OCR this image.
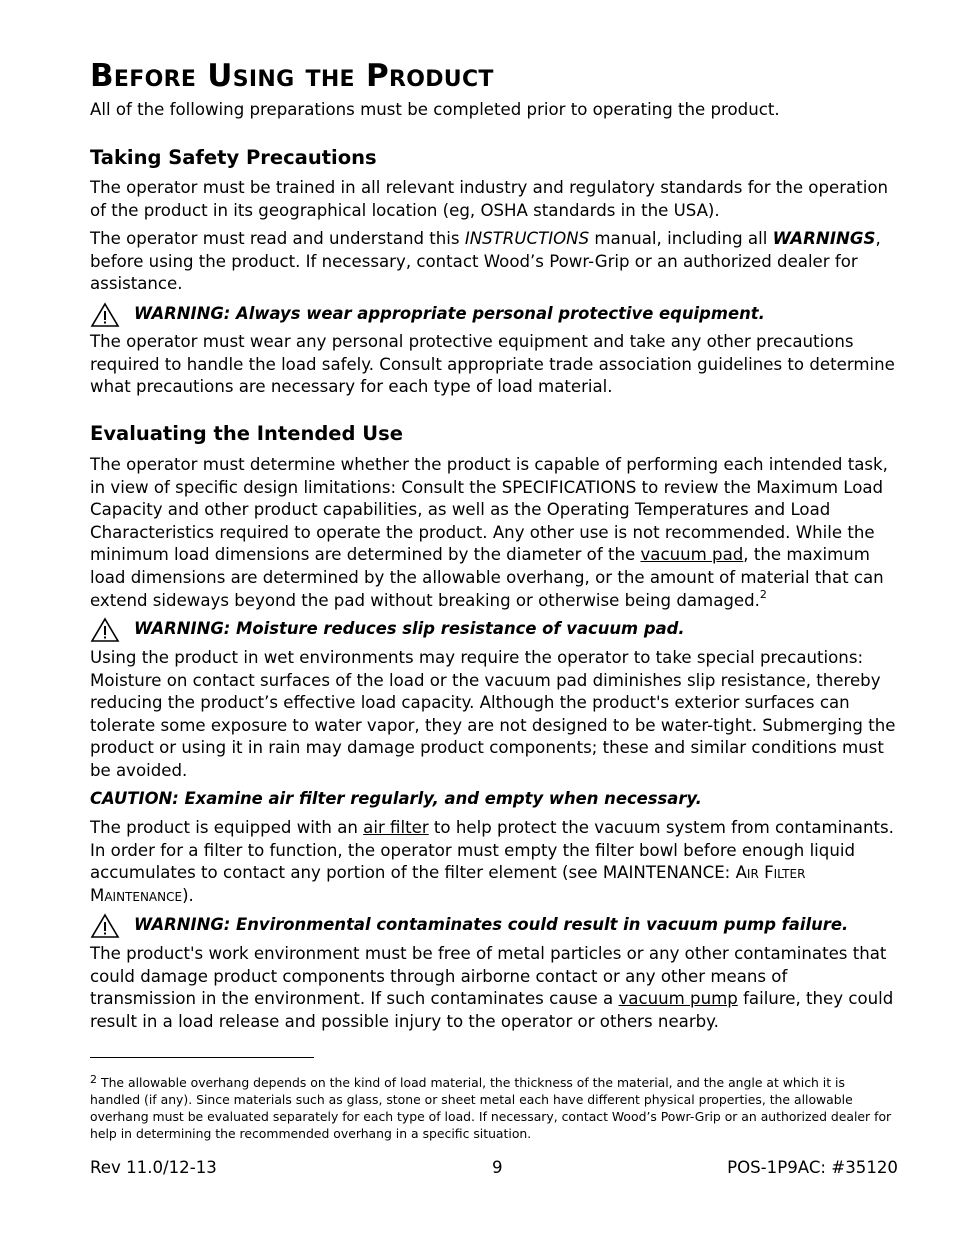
Before Using the Product

All of the following preparations must be completed prior to operating the product.

Taking Safety Precautions

The operator must be trained in all relevant industry and regulatory standards for the operation of the product in its geographical location (eg, OSHA standards in the USA).

The operator must read and understand this INSTRUCTIONS manual, including all WARNINGS, before using the product. If necessary, contact Wood’s Powr-Grip or an authorized dealer for assistance.

WARNING: Always wear appropriate personal protective equipment.

The operator must wear any personal protective equipment and take any other precautions required to handle the load safely. Consult appropriate trade association guidelines to determine what precautions are necessary for each type of load material.

Evaluating the Intended Use

The operator must determine whether the product is capable of performing each intended task, in view of specific design limitations: Consult the SPECIFICATIONS to review the Maximum Load Capacity and other product capabilities, as well as the Operating Temperatures and Load Characteristics required to operate the product. Any other use is not recommended. While the minimum load dimensions are determined by the diameter of the vacuum pad, the maximum load dimensions are determined by the allowable overhang, or the amount of material that can extend sideways beyond the pad without breaking or otherwise being damaged.$^2$

WARNING: Moisture reduces slip resistance of vacuum pad.

Using the product in wet environments may require the operator to take special precautions: Moisture on contact surfaces of the load or the vacuum pad diminishes slip resistance, thereby reducing the product’s effective load capacity. Although the product's exterior surfaces can tolerate some exposure to water vapor, they are not designed to be water-tight. Submerging the product or using it in rain may damage product components; these and similar conditions must be avoided.

CAUTION: Examine air filter regularly, and empty when necessary.

The product is equipped with an air filter to help protect the vacuum system from contaminants. In order for a filter to function, the operator must empty the filter bowl before enough liquid accumulates to contact any portion of the filter element (see MAINTENANCE: Air Filter Maintenance).

WARNING: Environmental contaminates could result in vacuum pump failure.

The product's work environment must be free of metal particles or any other contaminates that could damage product components through airborne contact or any other means of transmission in the environment. If such contaminates cause a vacuum pump failure, they could result in a load release and possible injury to the operator or others nearby.

$^2$ The allowable overhang depends on the kind of load material, the thickness of the material, and the angle at which it is handled (if any). Since materials such as glass, stone or sheet metal each have different physical properties, the allowable overhang must be evaluated separately for each type of load. If necessary, contact Wood’s Powr-Grip or an authorized dealer for help in determining the recommended overhang in a specific situation.

Rev 11.0/12-13	9	POS-1P9AC: #35120
